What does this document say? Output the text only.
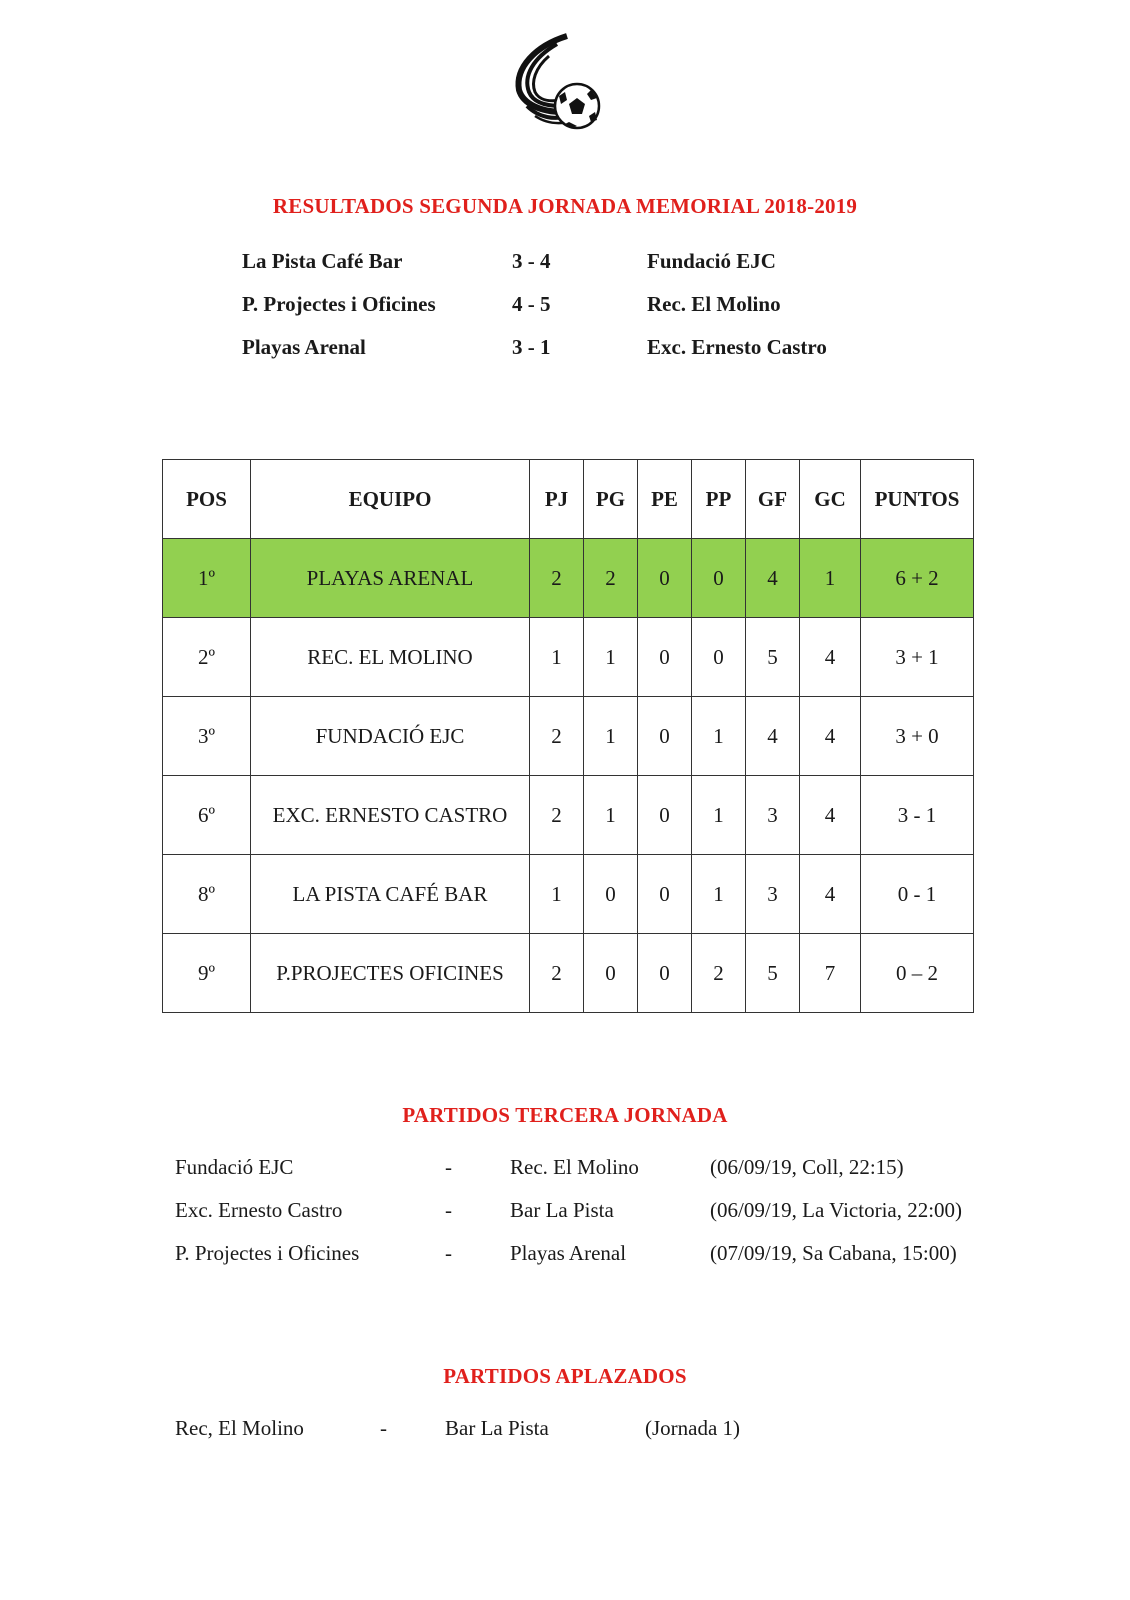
RESULTADOS SEGUNDA JORNADA MEMORIAL 2018-2019
La Pista Café Bar	3 - 4	Fundació EJC
P. Projectes i Oficines	4 - 5	Rec. El Molino
Playas Arenal	3 - 1	Exc. Ernesto Castro
POS	EQUIPO	PJ	PG	PE	PP	GF	GC	PUNTOS
1º	PLAYAS ARENAL	2	2	0	0	4	1	6 + 2
2º	REC. EL MOLINO	1	1	0	0	5	4	3 + 1
3º	FUNDACIÓ EJC	2	1	0	1	4	4	3 + 0
6º	EXC. ERNESTO CASTRO	2	1	0	1	3	4	3 - 1
8º	LA PISTA CAFÉ BAR	1	0	0	1	3	4	0 - 1
9º	P.PROJECTES OFICINES	2	0	0	2	5	7	0 – 2
PARTIDOS TERCERA JORNADA
Fundació EJC	-	Rec. El Molino	(06/09/19, Coll, 22:15)
Exc. Ernesto Castro	-	Bar La Pista	(06/09/19, La Victoria, 22:00)
P. Projectes i Oficines	-	Playas Arenal	(07/09/19, Sa Cabana, 15:00)
PARTIDOS APLAZADOS
Rec, El Molino	-	Bar La Pista	(Jornada 1)
